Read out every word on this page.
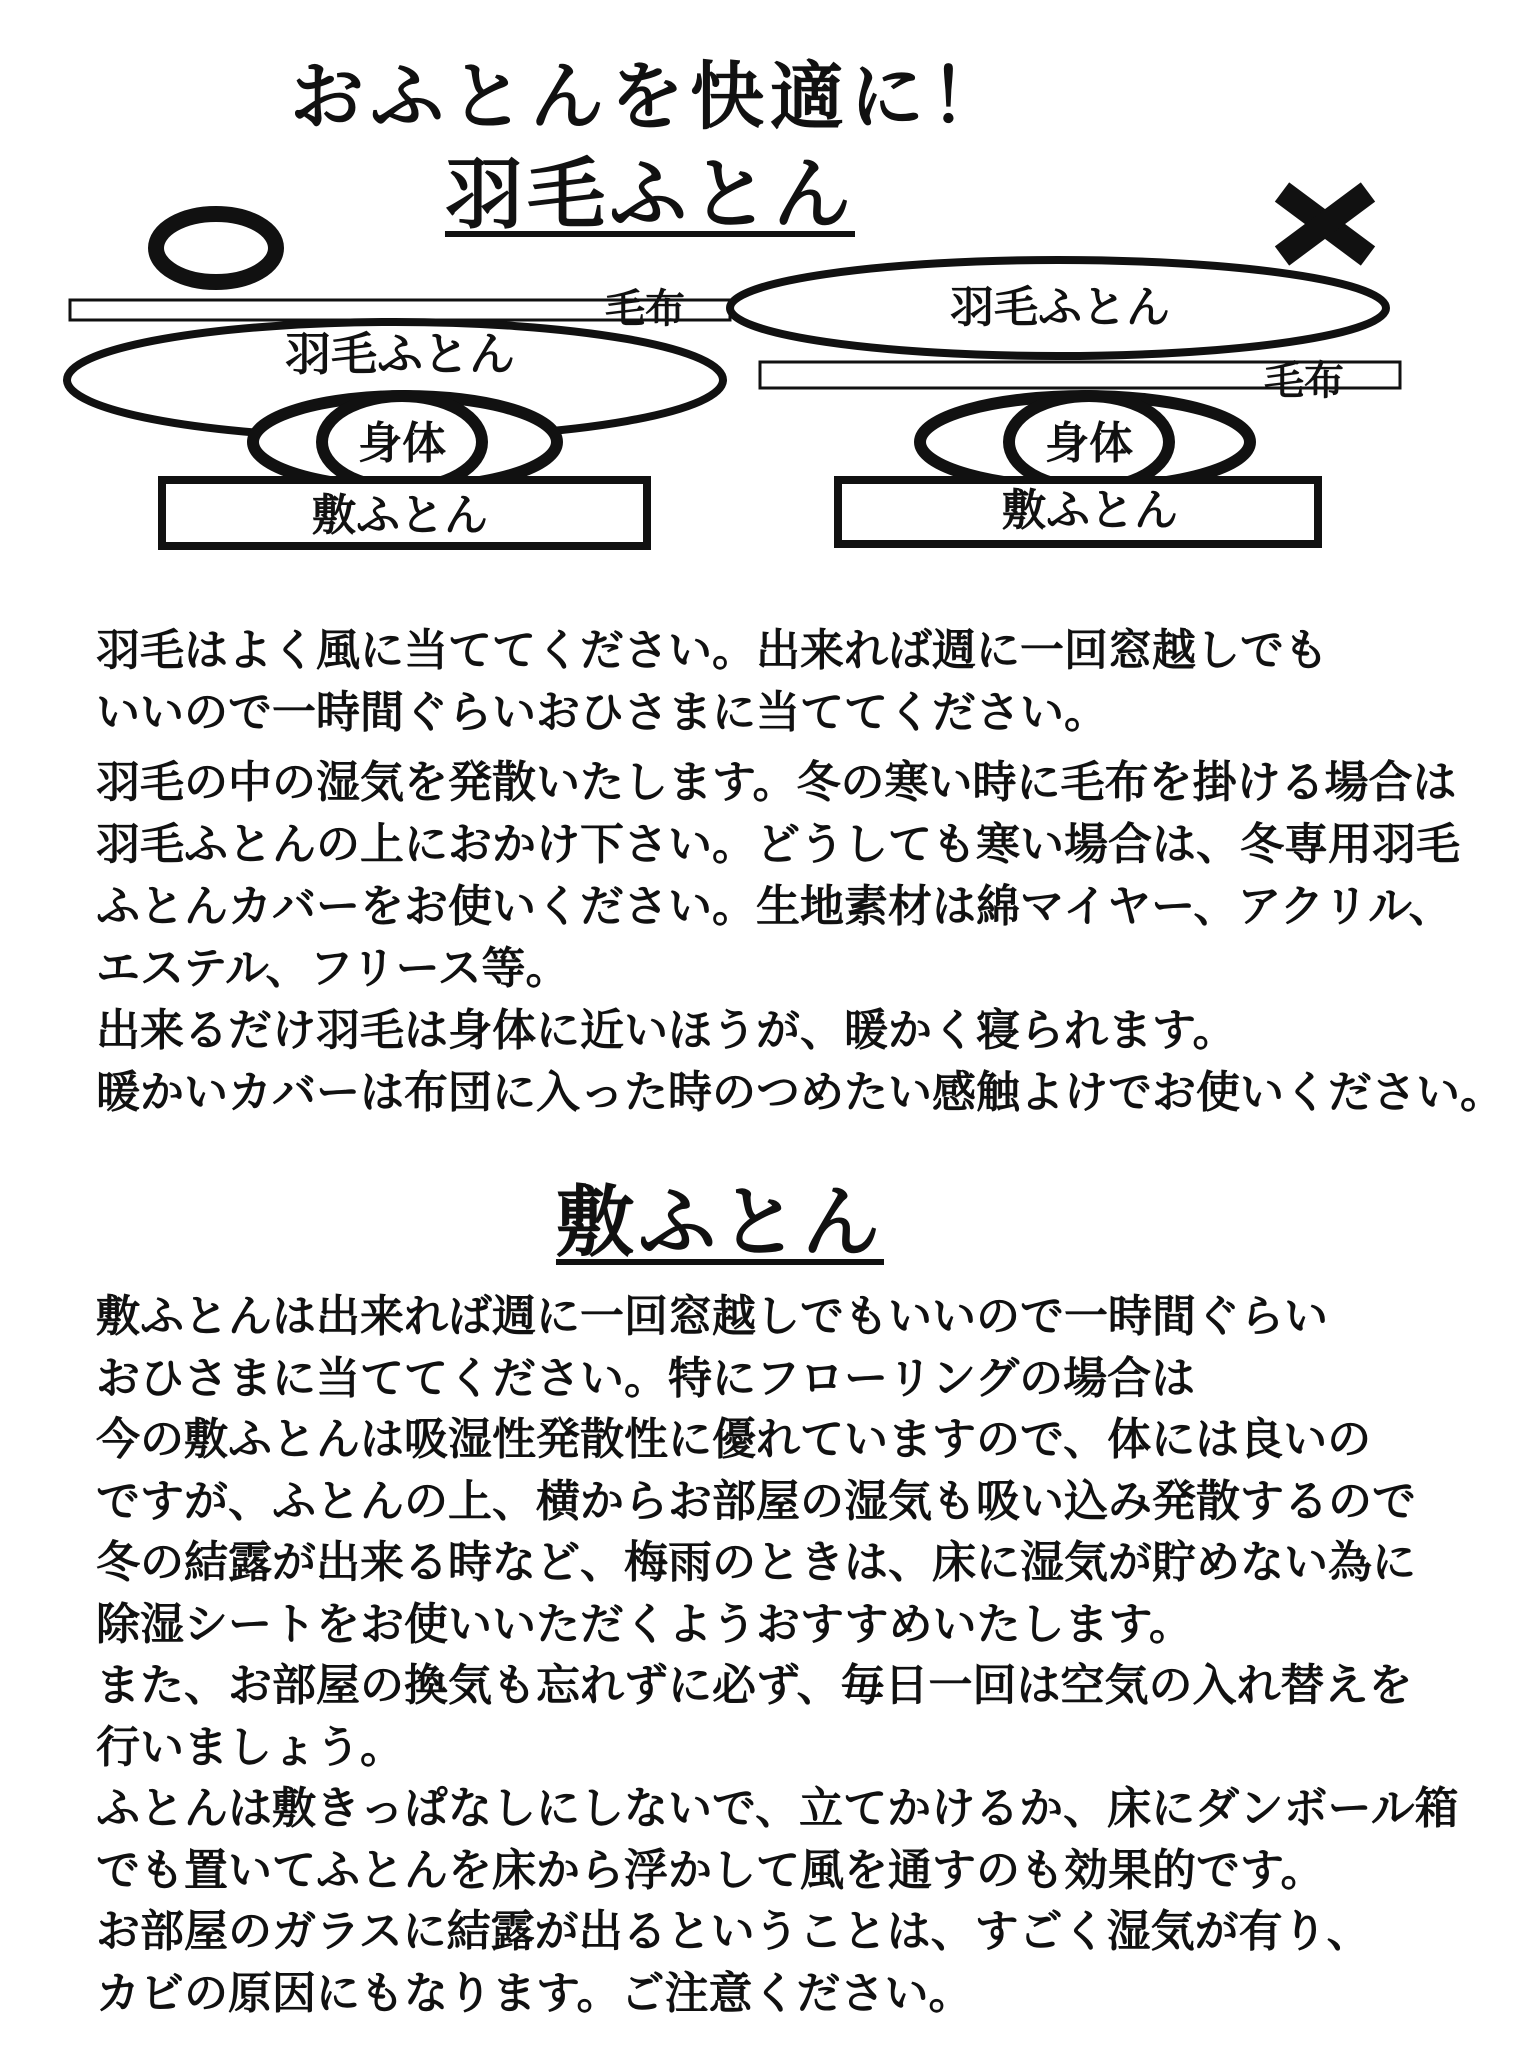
おふとんを快適に！
羽毛ふとん
毛布
羽毛ふとん
身体
敷ふとん
羽毛ふとん
毛布
身体
敷ふとん

羽毛はよく風に当ててください。出来れば週に一回窓越しでも
いいので一時間ぐらいおひさまに当ててください。

羽毛の中の湿気を発散いたします。冬の寒い時に毛布を掛ける場合は
羽毛ふとんの上におかけ下さい。どうしても寒い場合は、冬専用羽毛
ふとんカバーをお使いください。生地素材は綿マイヤー、アクリル、
エステル、フリース等。
出来るだけ羽毛は身体に近いほうが、暖かく寝られます。
暖かいカバーは布団に入った時のつめたい感触よけでお使いください。

敷ふとん

敷ふとんは出来れば週に一回窓越しでもいいので一時間ぐらい
おひさまに当ててください。特にフローリングの場合は
今の敷ふとんは吸湿性発散性に優れていますので、体には良いの
ですが、ふとんの上、横からお部屋の湿気も吸い込み発散するので
冬の結露が出来る時など、梅雨のときは、床に湿気が貯めない為に
除湿シートをお使いいただくようおすすめいたします。
また、お部屋の換気も忘れずに必ず、毎日一回は空気の入れ替えを
行いましょう。
ふとんは敷きっぱなしにしないで、立てかけるか、床にダンボール箱
でも置いてふとんを床から浮かして風を通すのも効果的です。
お部屋のガラスに結露が出るということは、すごく湿気が有り、
カビの原因にもなります。ご注意ください。
